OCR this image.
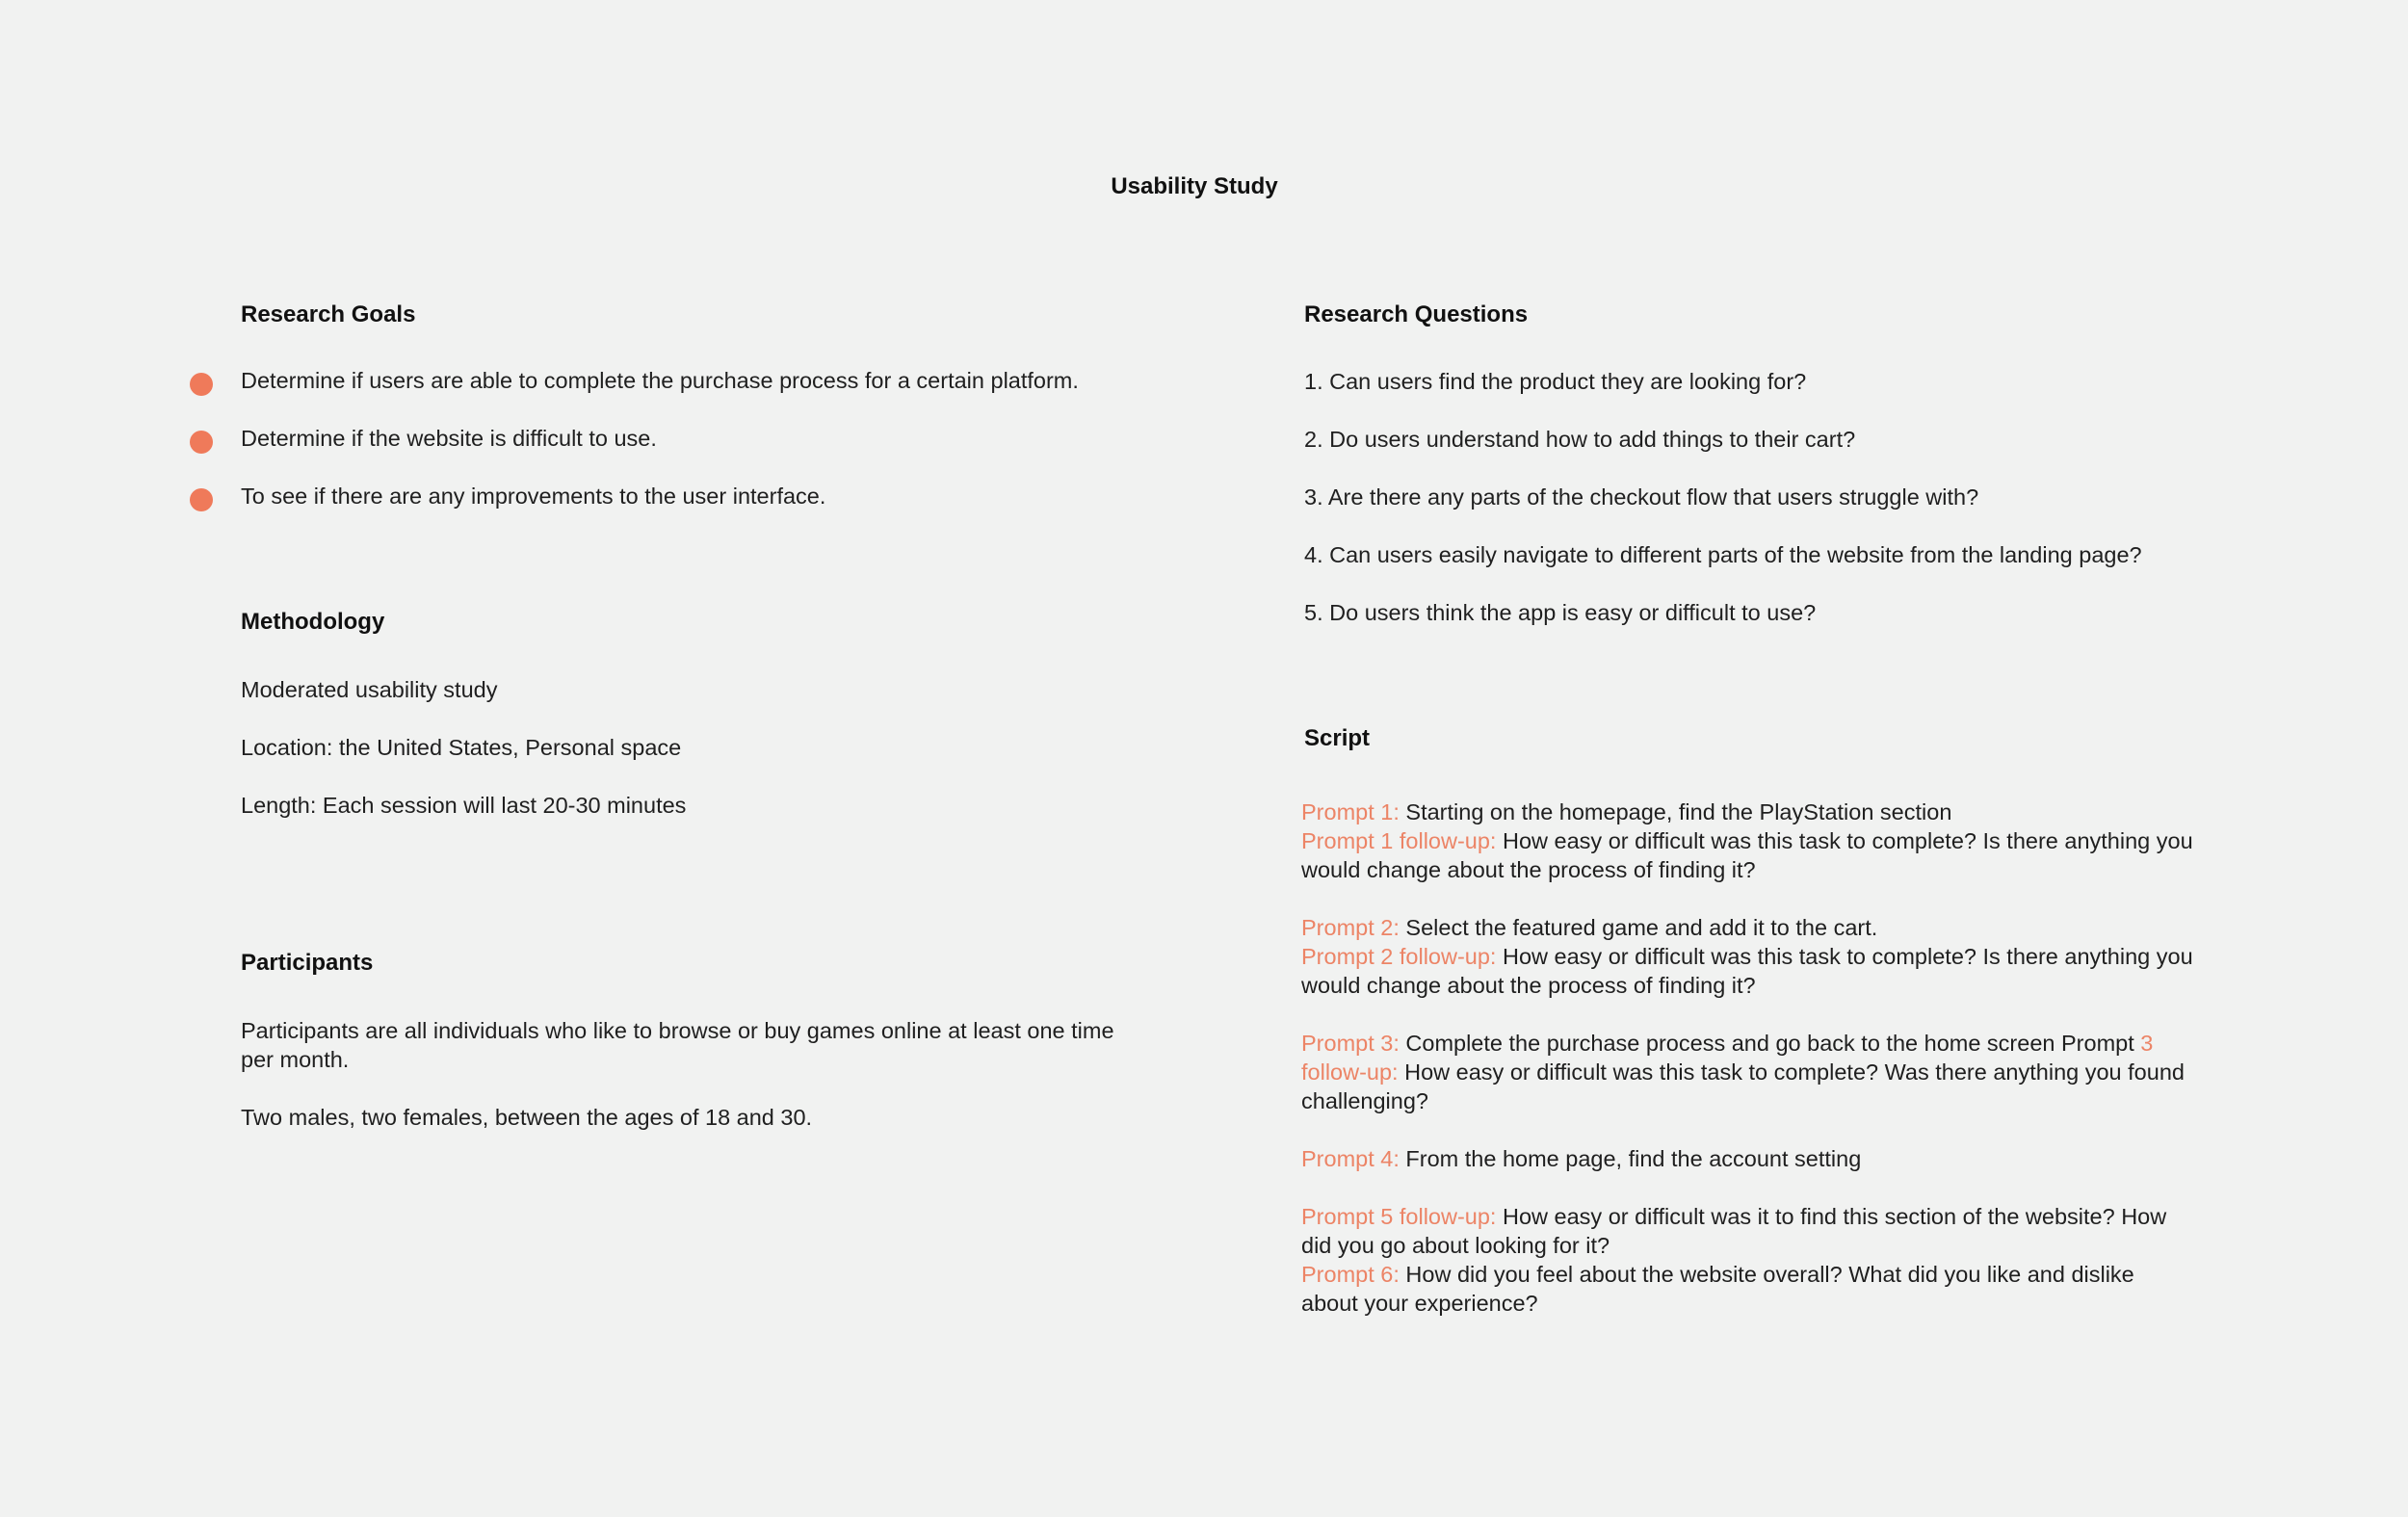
Usability Study
Research Goals
Determine if users are able to complete the purchase process for a certain platform.
Determine if the website is difficult to use.
To see if there are any improvements to the user interface.
Methodology
Moderated usability study
Location: the United States, Personal space
Length: Each session will last 20-30 minutes
Participants
Participants are all individuals who like to browse or buy games online at least one time per month.
Two males, two females, between the ages of 18 and 30.
Research Questions
1. Can users find the product they are looking for?
2. Do users understand how to add things to their cart?
3. Are there any parts of the checkout flow that users struggle with?
4. Can users easily navigate to different parts of the website from the landing page?
5. Do users think the app is easy or difficult to use?
Script
Prompt 1: Starting on the homepage, find the PlayStation section
Prompt 1 follow-up: How easy or difficult was this task to complete? Is there anything you would change about the process of finding it?
Prompt 2: Select the featured game and add it to the cart.
Prompt 2 follow-up: How easy or difficult was this task to complete? Is there anything you would change about the process of finding it?
Prompt 3: Complete the purchase process and go back to the home screen Prompt 3 follow-up: How easy or difficult was this task to complete? Was there anything you found challenging?
Prompt 4: From the home page, find the account setting
Prompt 5 follow-up: How easy or difficult was it to find this section of the website? How did you go about looking for it?
Prompt 6: How did you feel about the website overall? What did you like and dislike about your experience?
